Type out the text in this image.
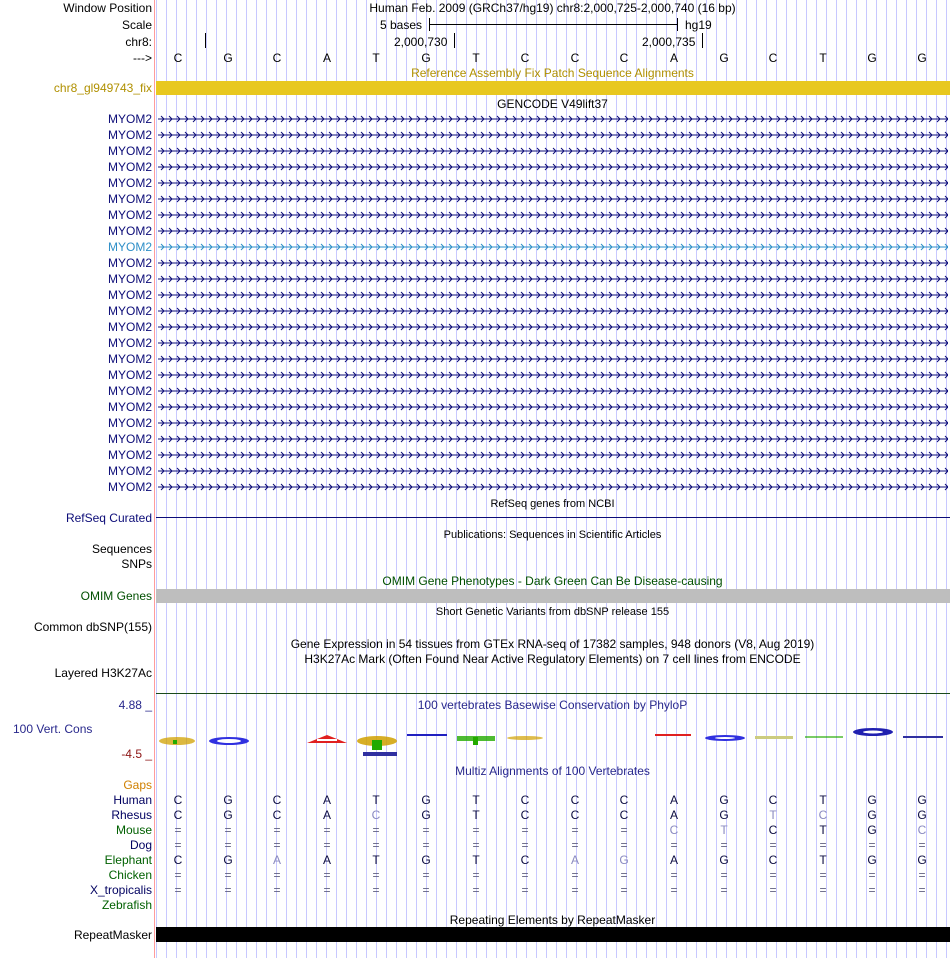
Window Position	Human Feb. 2009 (GRCh37/hg19) chr8:2,000,725-2,000,740 (16 bp)
Scale	5 bases	hg19
chr8:	2,000,730	2,000,735
--->	C	G	C	A	T	G	T	C	C	C	A	G	C	T	G	G
Reference Assembly Fix Patch Sequence Alignments
chr8_gl949743_fix
GENCODE V49lift37
MYOM2
MYOM2
MYOM2
MYOM2
MYOM2
MYOM2
MYOM2
MYOM2
MYOM2
MYOM2
MYOM2
MYOM2
MYOM2
MYOM2
MYOM2
MYOM2
MYOM2
MYOM2
MYOM2
MYOM2
MYOM2
MYOM2
MYOM2
MYOM2
RefSeq genes from NCBI
RefSeq Curated
Publications: Sequences in Scientific Articles
Sequences
SNPs
OMIM Gene Phenotypes - Dark Green Can Be Disease-causing
OMIM Genes
Short Genetic Variants from dbSNP release 155
Common dbSNP(155)
Gene Expression in 54 tissues from GTEx RNA-seq of 17382 samples, 948 donors (V8, Aug 2019)
H3K27Ac Mark (Often Found Near Active Regulatory Elements) on 7 cell lines from ENCODE
Layered H3K27Ac
100 vertebrates Basewise Conservation by PhyloP
4.88 _
100 Vert. Cons
-4.5 _
Multiz Alignments of 100 Vertebrates
Gaps
Human	C	G	C	A	T	G	T	C	C	C	A	G	C	T	G	G
Rhesus	C	G	C	A	C	G	T	C	C	C	A	G	T	C	G	G
Mouse	=	=	=	=	=	=	=	=	=	=	C	T	C	T	G	C
Dog	=	=	=	=	=	=	=	=	=	=	=	=	=	=	=	=
Elephant	C	G	A	A	T	G	T	C	A	G	A	G	C	T	G	G
Chicken	=	=	=	=	=	=	=	=	=	=	=	=	=	=	=	=
X_tropicalis	=	=	=	=	=	=	=	=	=	=	=	=	=	=	=	=
Zebrafish
Repeating Elements by RepeatMasker
RepeatMasker
